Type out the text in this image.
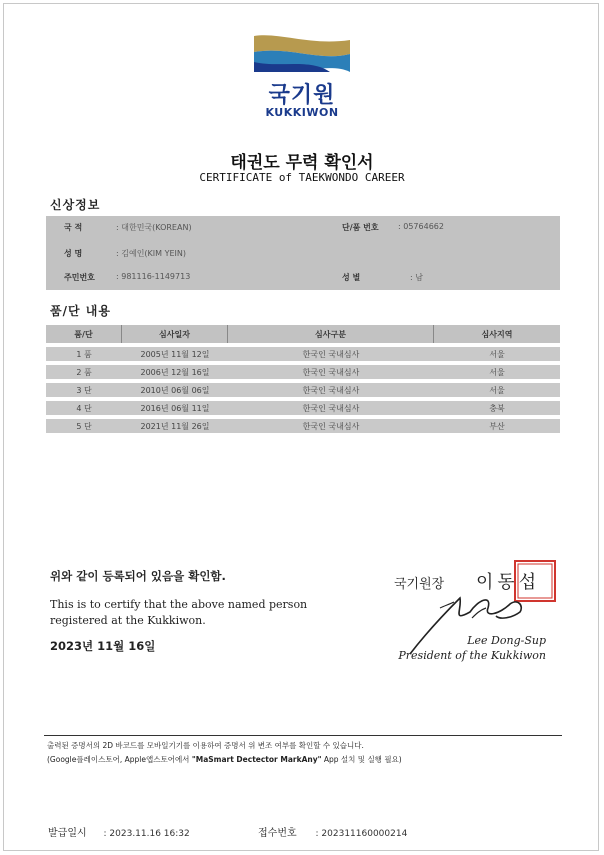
국기원
KUKKIWON
태권도 무력 확인서
CERTIFICATE of TAEKWONDO CAREER
신상정보
국 적	: 대한민국(KOREAN)	단/품 번호 : 05764662
성 명	: 김예인(KIM YEIN)
주민번호	: 981116-1149713	성 별	: 남
품/단 내용
품/단	심사일자	심사구분	심사지역
1 품	2005년 11월 12일	한국인 국내심사	서울
2 품	2006년 12월 16일	한국인 국내심사	서울
3 단	2010년 06월 06일	한국인 국내심사	서울
4 단	2016년 06월 11일	한국인 국내심사	충북
5 단	2021년 11월 26일	한국인 국내심사	부산
위와 같이 등록되어 있음을 확인함.
This is to certify that the above named person
registered at the Kukkiwon.
2023년 11월 16일
국기원장 이동섭
Lee Dong-Sup
President of the Kukkiwon
출력된 증명서의 2D 바코드를 모바일기기를 이용하여 증명서 위 변조 여부를 확인할 수 있습니다.
(Google플레이스토어, Apple앱스토어에서 "MaSmart Dectector MarkAny" App 설치 및 실행 필요)
발급일시 : 2023.11.16 16:32	접수번호 : 202311160000214
